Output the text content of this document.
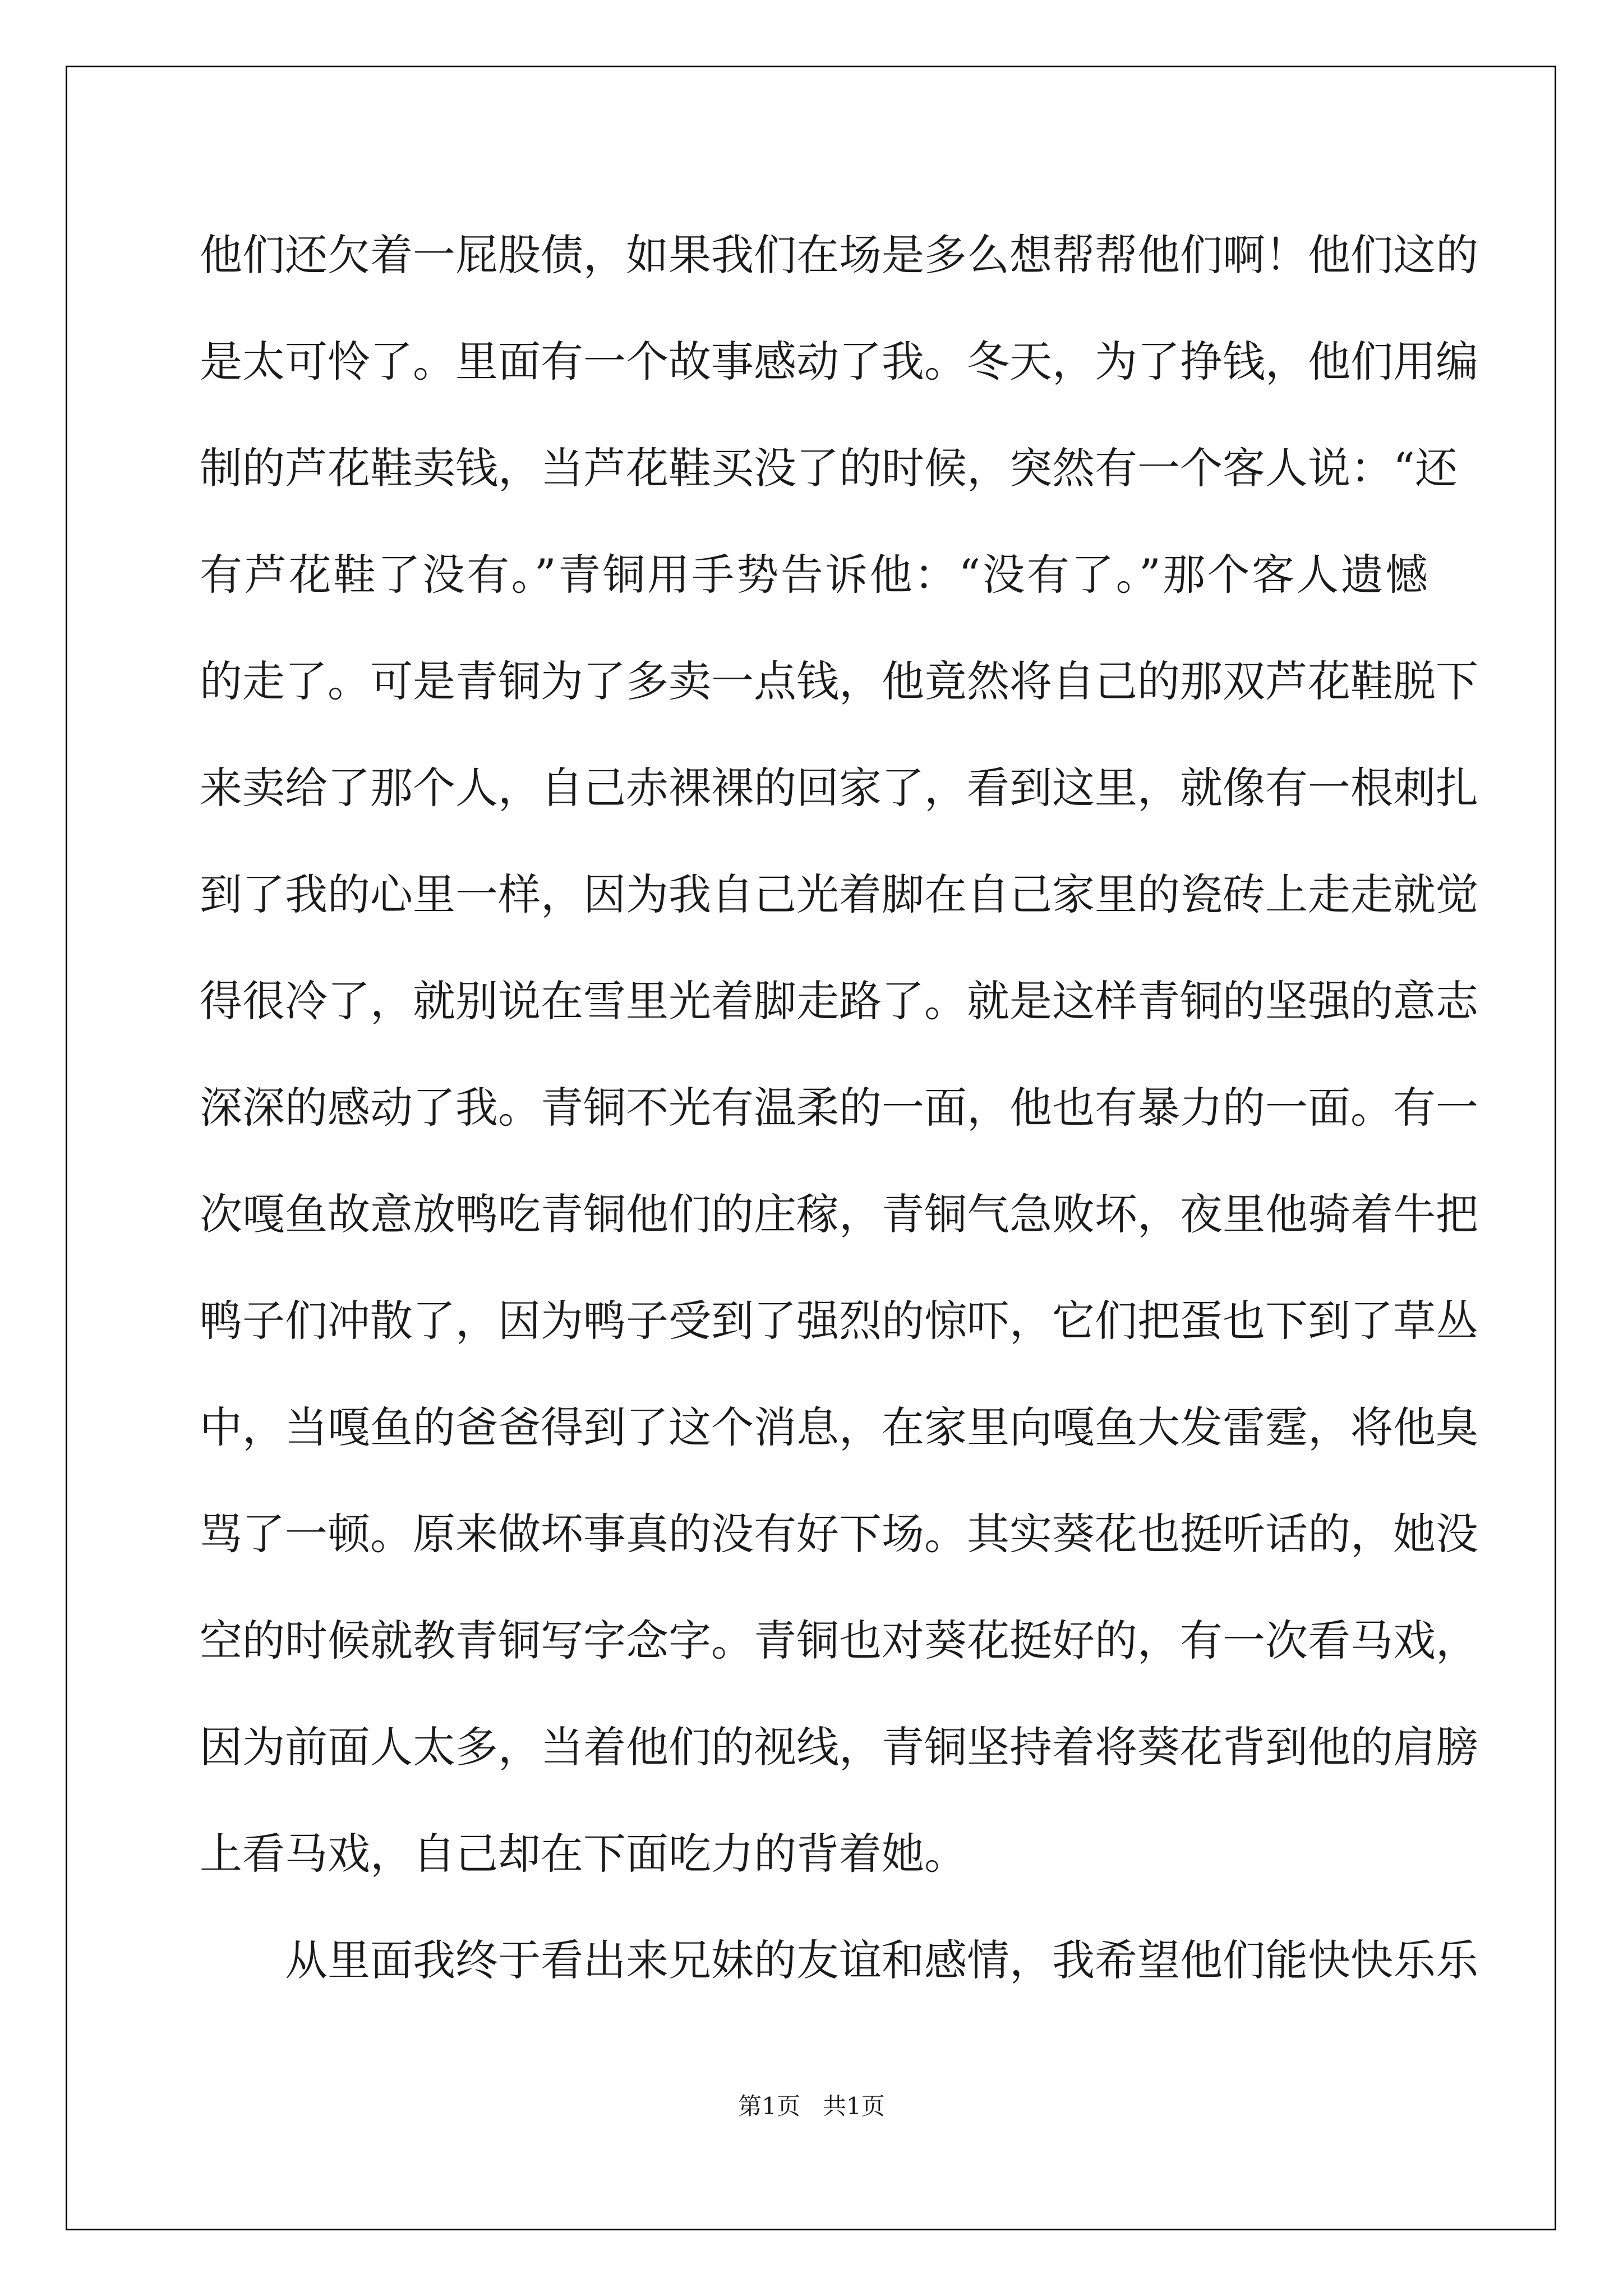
他们还欠着一屁股债，如果我们在场是多么想帮帮他们啊！他们这的
是太可怜了。里面有一个故事感动了我。冬天，为了挣钱，他们用编
制的芦花鞋卖钱，当芦花鞋买没了的时候，突然有一个客人说：“还
有芦花鞋了没有。”青铜用手势告诉他：“没有了。”那个客人遗憾
的走了。可是青铜为了多卖一点钱，他竟然将自己的那双芦花鞋脱下
来卖给了那个人，自己赤裸裸的回家了，看到这里，就像有一根刺扎
到了我的心里一样，因为我自己光着脚在自己家里的瓷砖上走走就觉
得很冷了，就别说在雪里光着脚走路了。就是这样青铜的坚强的意志
深深的感动了我。青铜不光有温柔的一面，他也有暴力的一面。有一
次嘎鱼故意放鸭吃青铜他们的庄稼，青铜气急败坏，夜里他骑着牛把
鸭子们冲散了，因为鸭子受到了强烈的惊吓，它们把蛋也下到了草丛
中，当嘎鱼的爸爸得到了这个消息，在家里向嘎鱼大发雷霆，将他臭
骂了一顿。原来做坏事真的没有好下场。其实葵花也挺听话的，她没
空的时候就教青铜写字念字。青铜也对葵花挺好的，有一次看马戏，
因为前面人太多，当着他们的视线，青铜坚持着将葵花背到他的肩膀
上看马戏，自己却在下面吃力的背着她。
从里面我终于看出来兄妹的友谊和感情，我希望他们能快快乐乐
第1页 共1页
